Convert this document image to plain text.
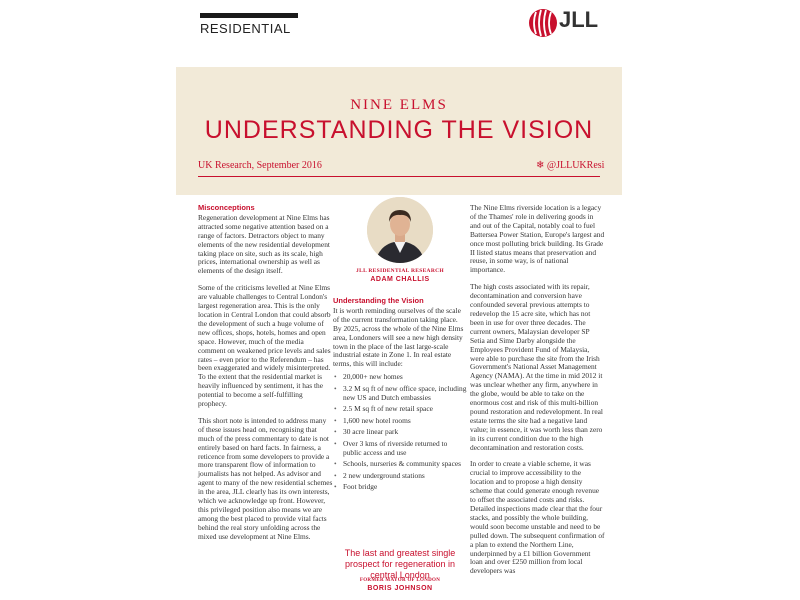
RESIDENTIAL	JLL
NINE ELMS
UNDERSTANDING THE VISION
UK Research, September 2016	❄ @JLLUKResi
Misconceptions

Regeneration development at Nine Elms has attracted some negative attention based on a range of factors. Detractors object to many elements of the new residential development taking place on site, such as its scale, high prices, international ownership as well as elements of the design itself.

Some of the criticisms levelled at Nine Elms are valuable challenges to Central London's largest regeneration area. This is the only location in Central London that could absorb the development of such a huge volume of new offices, shops, hotels, homes and open space. However, much of the media comment on weakened price levels and sales rates – even prior to the Referendum – has been exaggerated and widely misinterpreted. To the extent that the residential market is heavily influenced by sentiment, it has the potential to become a self-fulfilling prophecy.

This short note is intended to address many of these issues head on, recognising that much of the press commentary to date is not entirely based on hard facts. In fairness, a reticence from some developers to provide a more transparent flow of information to journalists has not helped. As advisor and agent to many of the new residential schemes in the area, JLL clearly has its own interests, which we acknowledge up front. However, this privileged position also means we are among the best placed to provide vital facts behind the real story unfolding across the mixed use development at Nine Elms.

JLL RESIDENTIAL RESEARCH
ADAM CHALLIS
Understanding the Vision

It is worth reminding ourselves of the scale of the current transformation taking place. By 2025, across the whole of the Nine Elms area, Londoners will see a new high density town in the place of the last large-scale industrial estate in Zone 1. In real estate terms, this will include:

• 20,000+ new homes
• 3.2 M sq ft of new office space, including new US and Dutch embassies
• 2.5 M sq ft of new retail space
• 1,600 new hotel rooms
• 30 acre linear park
• Over 3 kms of riverside returned to public access and use
• Schools, nurseries & community spaces
• 2 new underground stations
• Foot bridge
The last and greatest single prospect for regeneration in central London
FORMER MAYOR OF LONDON
BORIS JOHNSON

The Nine Elms riverside location is a legacy of the Thames' role in delivering goods in and out of the Capital, notably coal to fuel Battersea Power Station, Europe's largest and once most polluting brick building. Its Grade II listed status means that preservation and reuse, in some way, is of national importance.

The high costs associated with its repair, decontamination and conversion have confounded several previous attempts to redevelop the 15 acre site, which has not been in use for over three decades. The current owners, Malaysian developer SP Setia and Sime Darby alongside the Employees Provident Fund of Malaysia, were able to purchase the site from the Irish Government's National Asset Management Agency (NAMA). At the time in mid 2012 it was unclear whether any firm, anywhere in the globe, would be able to take on the enormous cost and risk of this multi-billion pound restoration and redevelopment. In real estate terms the site had a negative land value; in essence, it was worth less than zero in its current condition due to the high decontamination and restoration costs.

In order to create a viable scheme, it was crucial to improve accessibility to the location and to propose a high density scheme that could generate enough revenue to offset the associated costs and risks. Detailed inspections made clear that the four stacks, and possibly the whole building, would soon become unstable and need to be pulled down. The subsequent confirmation of a plan to extend the Northern Line, underpinned by a £1 billion Government loan and over £250 million from local developers was
